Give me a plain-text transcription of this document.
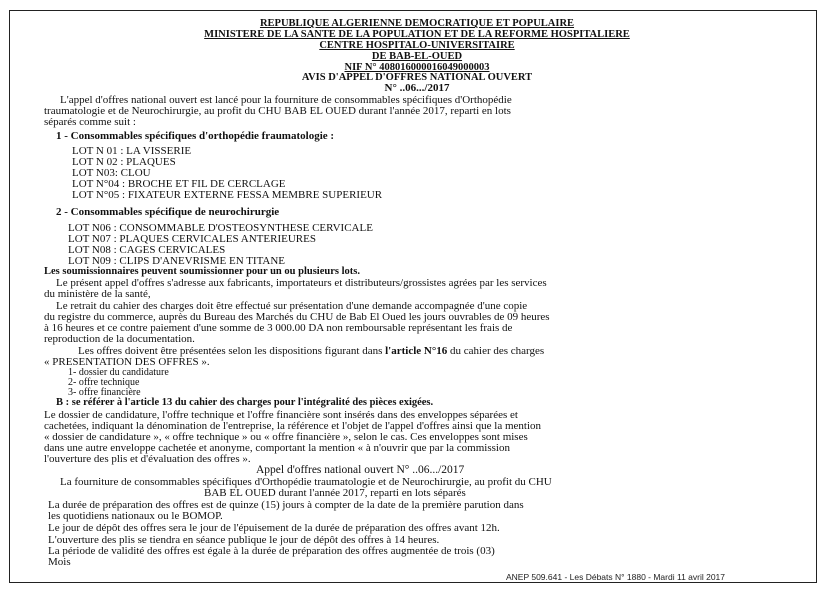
REPUBLIQUE ALGERIENNE DEMOCRATIQUE ET POPULAIRE
MINISTERE DE LA SANTE DE LA POPULATION ET DE LA REFORME HOSPITALIERE
CENTRE HOSPITALO-UNIVERSITAIRE
DE BAB-EL-OUED
NIF N° 408016000016049000003
AVIS D'APPEL D'OFFRES NATIONAL OUVERT
N° ..06.../2017
L'appel d'offres national ouvert est lancé pour la fourniture de consommables spécifiques d'Orthopédie
traumatologie et de Neurochirurgie, au profit du CHU BAB EL OUED durant l'année 2017, reparti en lots
séparés comme suit :
1 - Consommables spécifiques d'orthopédie fraumatologie :
LOT N 01 : LA VISSERIE
LOT N 02 : PLAQUES
LOT N03: CLOU
LOT N°04 : BROCHE ET FIL DE CERCLAGE
LOT N°05 : FIXATEUR EXTERNE FESSA MEMBRE SUPERIEUR
2 - Consommables spécifique de neurochirurgie
LOT N06 : CONSOMMABLE D'OSTEOSYNTHESE CERVICALE
LOT N07 : PLAQUES CERVICALES ANTERIEURES
LOT N08 : CAGES CERVICALES
LOT N09 : CLIPS D'ANEVRISME EN TITANE
Les soumissionnaires peuvent soumissionner pour un ou plusieurs lots.
Le présent appel d'offres s'adresse aux fabricants, importateurs et distributeurs/grossistes agrées par les services
du ministère de la santé,
Le retrait du cahier des charges doit être effectué sur présentation d'une demande accompagnée d'une copie
du registre du commerce, auprès du Bureau des Marchés du CHU de Bab El Oued les jours ouvrables de 09 heures
à 16 heures et ce contre paiement d'une somme de 3 000.00 DA non remboursable représentant les frais de
reproduction de la documentation.
Les offres doivent être présentées selon les dispositions figurant dans l'article N°16 du cahier des charges
« PRESENTATION DES OFFRES ».
1- dossier du candidature
2- offre technique
3- offre financière
B : se référer à l'article 13 du cahier des charges pour l'intégralité des pièces exigées.
Le dossier de candidature, l'offre technique et l'offre financière sont insérés dans des enveloppes séparées et
cachetées, indiquant la dénomination de l'entreprise, la référence et l'objet de l'appel d'offres ainsi que la mention
« dossier de candidature », « offre technique » ou « offre financière », selon le cas. Ces enveloppes sont mises
dans une autre enveloppe cachetée et anonyme, comportant la mention « à n'ouvrir que par la commission
l'ouverture des plis et d'évaluation des offres ».
Appel d'offres national ouvert N° ..06.../2017
La fourniture de consommables spécifiques d'Orthopédie traumatologie et de Neurochirurgie, au profit du CHU
BAB EL OUED durant l'année 2017, reparti en lots séparés
La durée de préparation des offres est de quinze (15) jours à compter de la date de la première parution dans
les quotidiens nationaux ou le BOMOP.
Le jour de dépôt des offres sera le jour de l'épuisement de la durée de préparation des offres avant 12h.
L'ouverture des plis se tiendra en séance publique le jour de dépôt des offres à 14 heures.
La période de validité des offres est égale à la durée de préparation des offres augmentée de trois (03)
Mois
ANEP 509.641 - Les Débats N° 1880 - Mardi 11 avril 2017
